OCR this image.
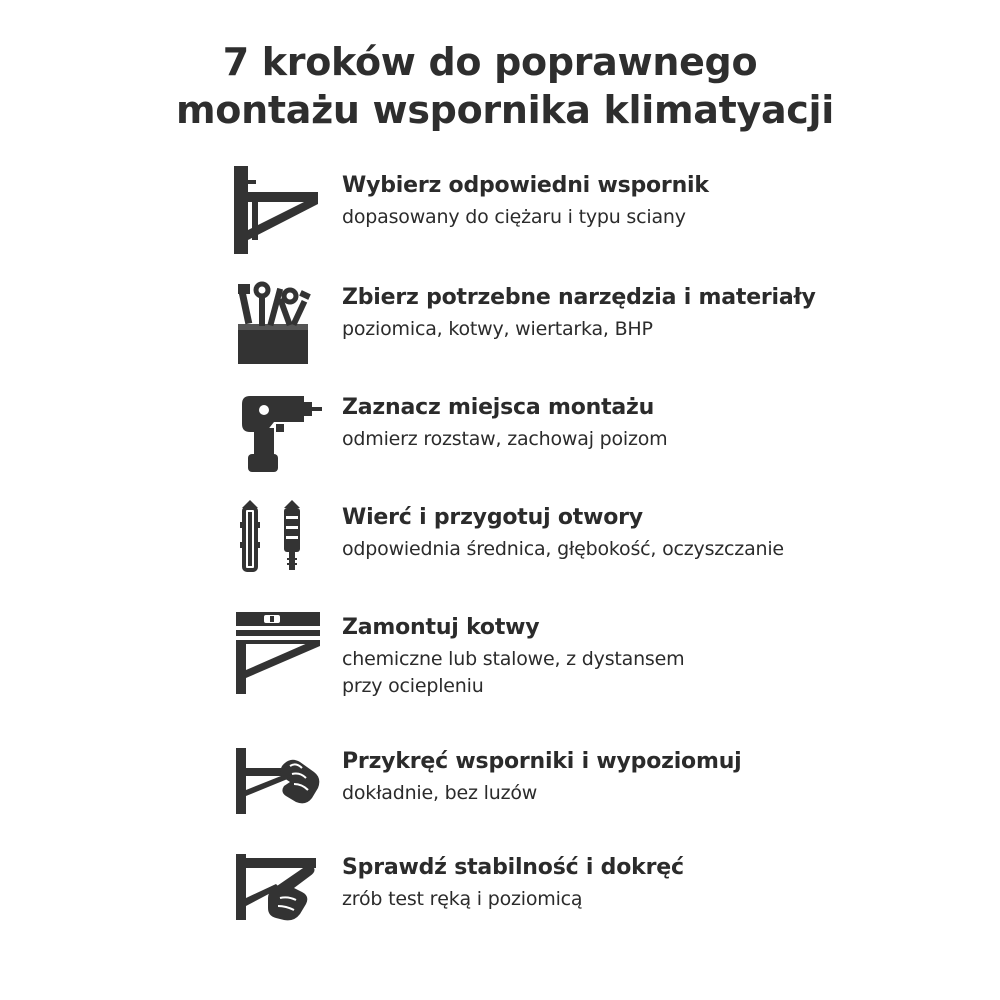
7 kroków do poprawnego
montażu wspornika klimatyacji
Wybierz odpowiedni wspornik
dopasowany do ciężaru i typu sciany
Zbierz potrzebne narzędzia i materiały
poziomica, kotwy, wiertarka, BHP
Zaznacz miejsca montażu
odmierz rozstaw, zachowaj poizom
Wierć i przygotuj otwory
odpowiednia średnica, głębokość, oczyszczanie
Zamontuj kotwy
chemiczne lub stalowe, z dystansem
przy ociepleniu
Przykręć wsporniki i wypoziomuj
dokładnie, bez luzów
Sprawdź stabilność i dokręć
zrób test ręką i poziomicą
